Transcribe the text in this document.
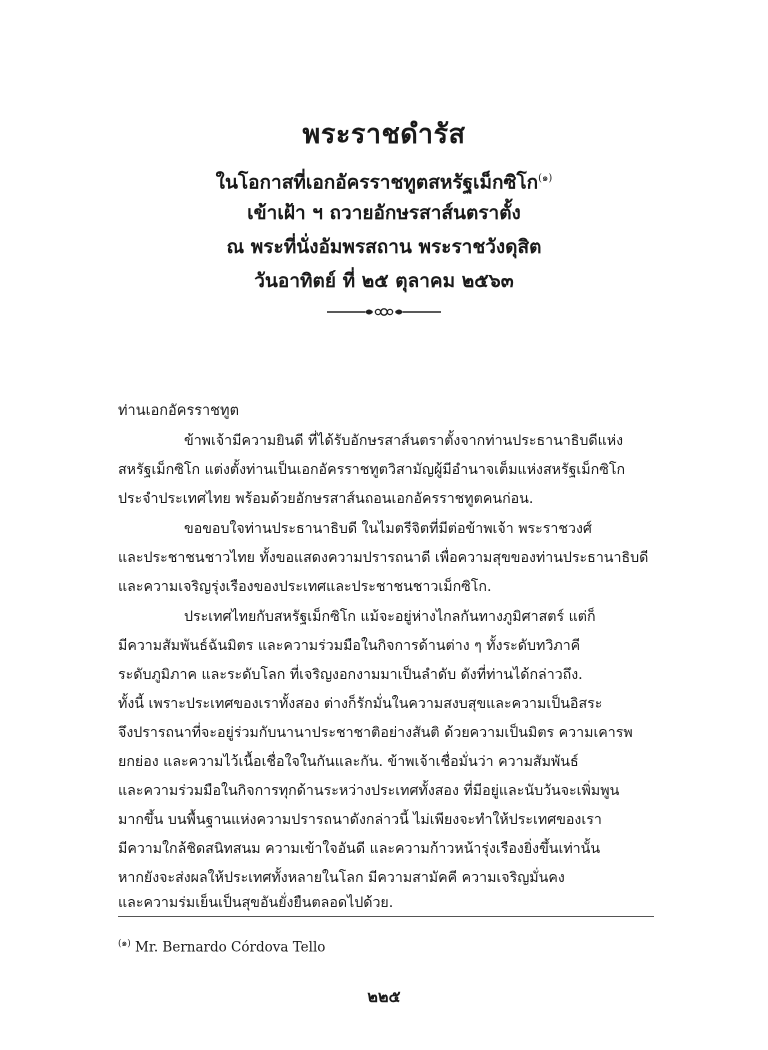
พระราชดำรัส
ในโอกาสที่เอกอัครราชทูตสหรัฐเม็กซิโก$^{(๑)}$
เข้าเฝ้า ฯ ถวายอักษรสาส์นตราตั้ง
ณ พระที่นั่งอัมพรสถาน พระราชวังดุสิต
วันอาทิตย์ ที่ ๒๕ ตุลาคม ๒๕๖๓
ท่านเอกอัครราชทูต
ข้าพเจ้ามีความยินดี ที่ได้รับอักษรสาส์นตราตั้งจากท่านประธานาธิบดีแห่ง
สหรัฐเม็กซิโก แต่งตั้งท่านเป็นเอกอัครราชทูตวิสามัญผู้มีอำนาจเต็มแห่งสหรัฐเม็กซิโก
ประจำประเทศไทย พร้อมด้วยอักษรสาส์นถอนเอกอัครราชทูตคนก่อน.
ขอขอบใจท่านประธานาธิบดี ในไมตรีจิตที่มีต่อข้าพเจ้า พระราชวงศ์
และประชาชนชาวไทย ทั้งขอแสดงความปรารถนาดี เพื่อความสุขของท่านประธานาธิบดี
และความเจริญรุ่งเรืองของประเทศและประชาชนชาวเม็กซิโก.
ประเทศไทยกับสหรัฐเม็กซิโก แม้จะอยู่ห่างไกลกันทางภูมิศาสตร์ แต่ก็
มีความสัมพันธ์ฉันมิตร และความร่วมมือในกิจการด้านต่าง ๆ ทั้งระดับทวิภาคี
ระดับภูมิภาค และระดับโลก ที่เจริญงอกงามมาเป็นลำดับ ดังที่ท่านได้กล่าวถึง.
ทั้งนี้ เพราะประเทศของเราทั้งสอง ต่างก็รักมั่นในความสงบสุขและความเป็นอิสระ
จึงปรารถนาที่จะอยู่ร่วมกับนานาประชาชาติอย่างสันติ ด้วยความเป็นมิตร ความเคารพ
ยกย่อง และความไว้เนื้อเชื่อใจในกันและกัน. ข้าพเจ้าเชื่อมั่นว่า ความสัมพันธ์
และความร่วมมือในกิจการทุกด้านระหว่างประเทศทั้งสอง ที่มีอยู่และนับวันจะเพิ่มพูน
มากขึ้น บนพื้นฐานแห่งความปรารถนาดังกล่าวนี้ ไม่เพียงจะทำให้ประเทศของเรา
มีความใกล้ชิดสนิทสนม ความเข้าใจอันดี และความก้าวหน้ารุ่งเรืองยิ่งขึ้นเท่านั้น
หากยังจะส่งผลให้ประเทศทั้งหลายในโลก มีความสามัคคี ความเจริญมั่นคง
และความร่มเย็นเป็นสุขอันยั่งยืนตลอดไปด้วย.
$^{(๑)}$ Mr. Bernardo Córdova Tello
๒๒๕
